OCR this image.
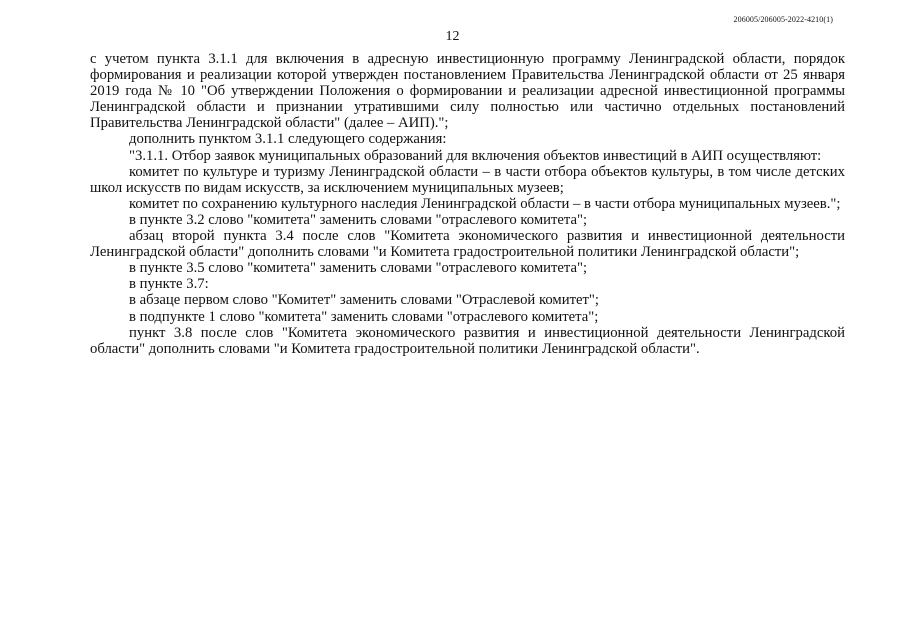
206005/206005-2022-4210(1)
12

с учетом пункта 3.1.1 для включения в адресную инвестиционную программу Ленинградской области, порядок формирования и реализации которой утвержден постановлением Правительства Ленинградской области от 25 января 2019 года № 10 "Об утверждении Положения о формировании и реализации адресной инвестиционной программы Ленинградской области и признании утратившими силу полностью или частично отдельных постановлений Правительства Ленинградской области" (далее – АИП).";

дополнить пунктом 3.1.1 следующего содержания:

"3.1.1. Отбор заявок муниципальных образований для включения объектов инвестиций в АИП осуществляют:

комитет по культуре и туризму Ленинградской области – в части отбора объектов культуры, в том числе детских школ искусств по видам искусств, за исключением муниципальных музеев;

комитет по сохранению культурного наследия Ленинградской области – в части отбора муниципальных музеев.";

в пункте 3.2 слово "комитета" заменить словами "отраслевого комитета";

абзац второй пункта 3.4 после слов "Комитета экономического развития и инвестиционной деятельности Ленинградской области" дополнить словами "и Комитета градостроительной политики Ленинградской области";

в пункте 3.5 слово "комитета" заменить словами "отраслевого комитета";

в пункте 3.7:

в абзаце первом слово "Комитет" заменить словами "Отраслевой комитет";

в подпункте 1 слово "комитета" заменить словами "отраслевого комитета";

пункт 3.8 после слов "Комитета экономического развития и инвестиционной деятельности Ленинградской области" дополнить словами "и Комитета градостроительной политики Ленинградской области".
